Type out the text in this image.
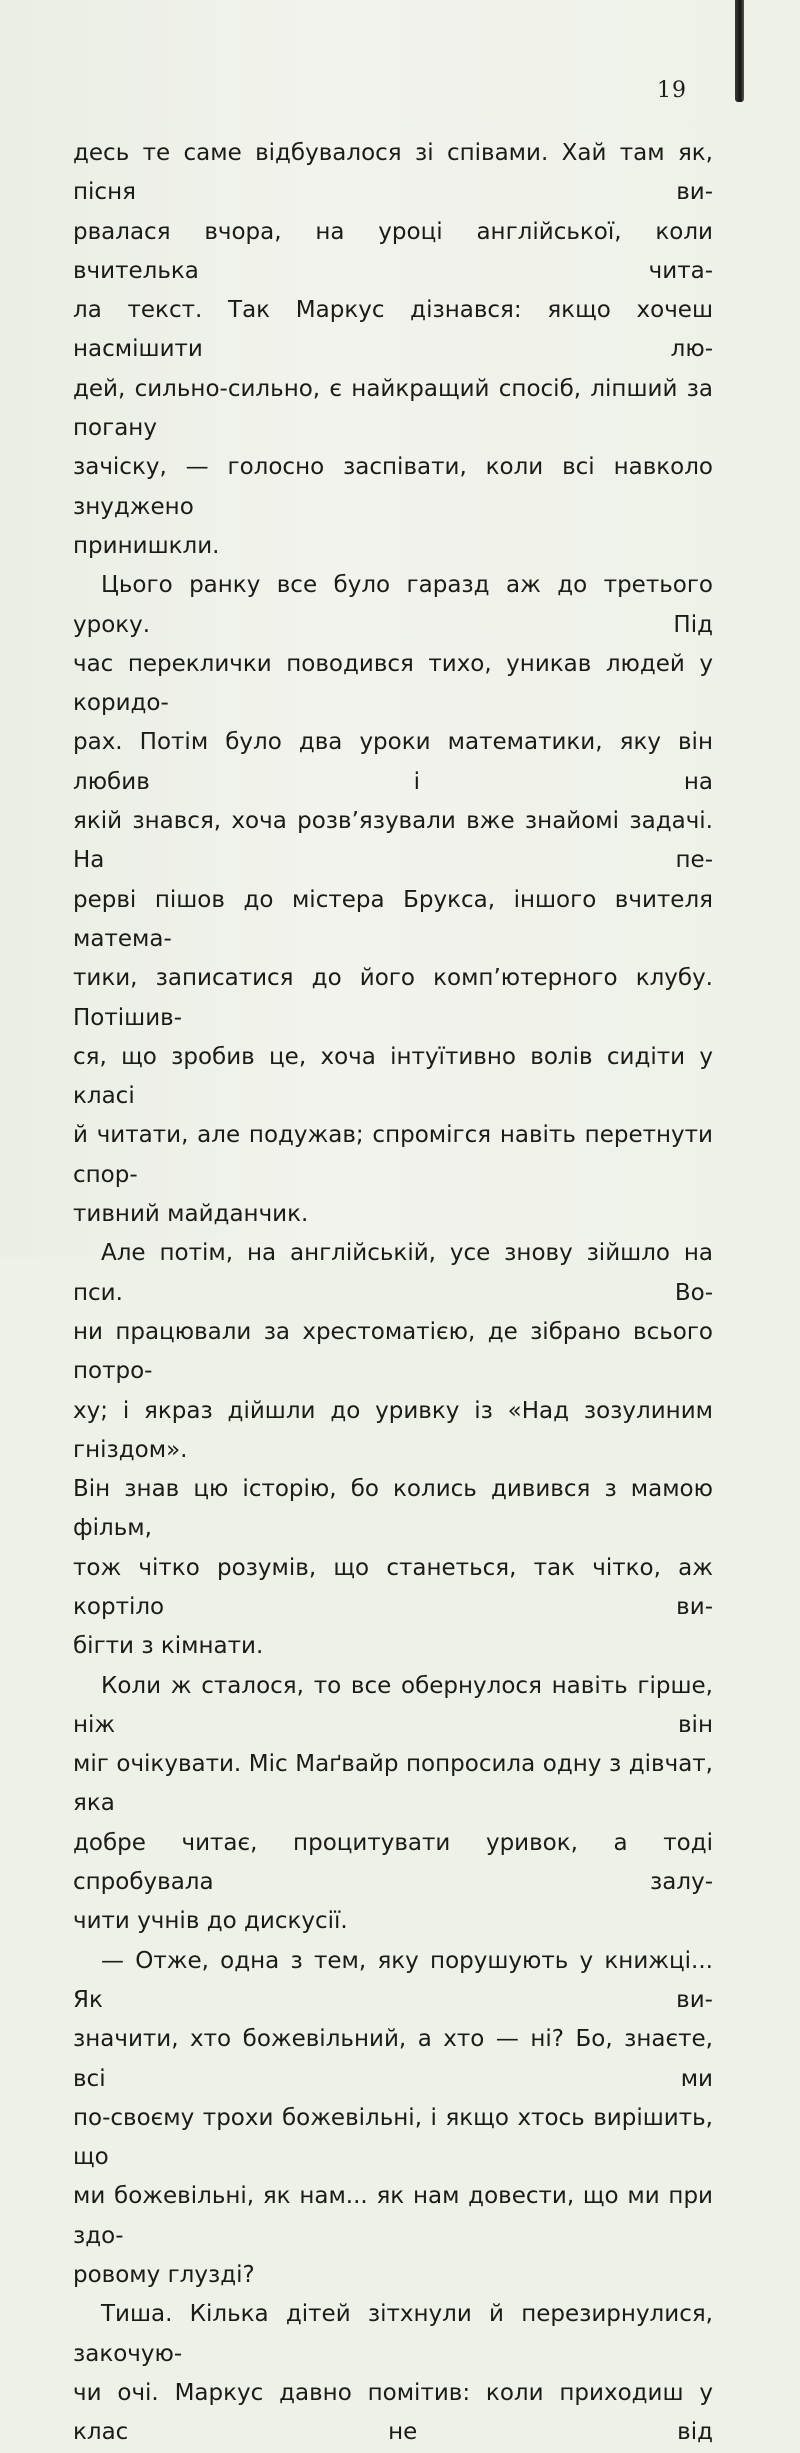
19

десь те саме відбувалося зі співами. Хай там як, пісня ви-

рвалася вчора, на уроці англійської, коли вчителька чита-

ла текст. Так Маркус дізнався: якщо хочеш насмішити лю-

дей, сильно-сильно, є найкращий спосіб, ліпший за погану

зачіску, — голосно заспівати, коли всі навколо знуджено

принишкли.

Цього ранку все було гаразд аж до третього уроку. Під

час переклички поводився тихо, уникав людей у коридо-

рах. Потім було два уроки математики, яку він любив і на

якій знався, хоча розв’язували вже знайомі задачі. На пе-

рерві пішов до містера Брукса, іншого вчителя матема-

тики, записатися до його комп’ютерного клубу. Потішив-

ся, що зробив це, хоча інтуїтивно волів сидіти у класі

й читати, але подужав; спромігся навіть перетнути спор-

тивний майданчик.

Але потім, на англійській, усе знову зійшло на пси. Во-

ни працювали за хрестоматією, де зібрано всього потро-

ху; і якраз дійшли до уривку із «Над зозулиним гніздом».

Він знав цю історію, бо колись дивився з мамою фільм,

тож чітко розумів, що станеться, так чітко, аж кортіло ви-

бігти з кімнати.

Коли ж сталося, то все обернулося навіть гірше, ніж він

міг очікувати. Міс Маґвайр попросила одну з дівчат, яка

добре читає, процитувати уривок, а тоді спробувала залу-

чити учнів до дискусії.

— Отже, одна з тем, яку порушують у книжці... Як ви-

значити, хто божевільний, а хто — ні? Бо, знаєте, всі ми

по-своєму трохи божевільні, і якщо хтось вирішить, що

ми божевільні, як нам... як нам довести, що ми при здо-

ровому глузді?

Тиша. Кілька дітей зітхнули й перезирнулися, закочую-

чи очі. Маркус давно помітив: коли приходиш у клас не від
